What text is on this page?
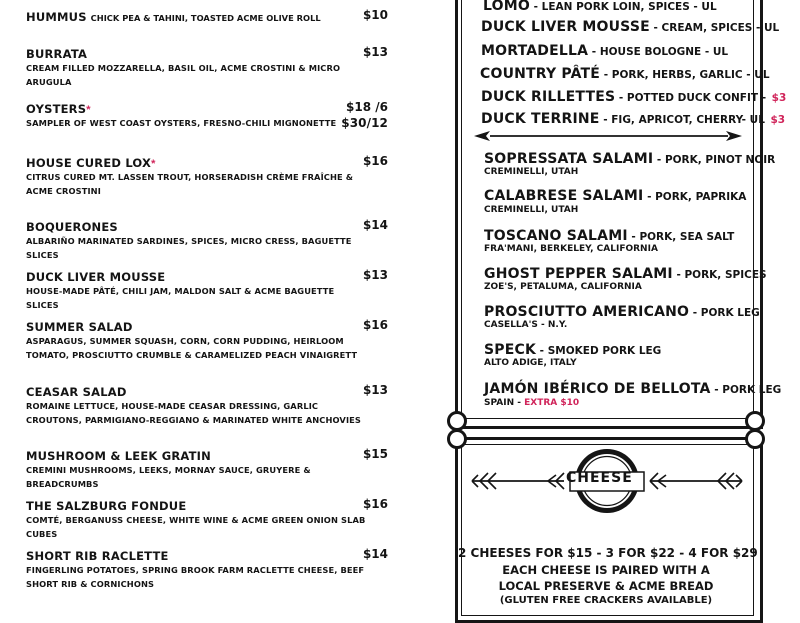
HUMMUS CHICK PEA & TAHINI, TOASTED ACME OLIVE ROLL	$10
BURRATA	$13
CREAM FILLED MOZZARELLA, BASIL OIL, ACME CROSTINI & MICRO ARUGULA
OYSTERS*	$18 /6
SAMPLER OF WEST COAST OYSTERS, FRESNO-CHILI MIGNONETTE $30/12
HOUSE CURED LOX*	$16
CITRUS CURED MT. LASSEN TROUT, HORSERADISH CRÈME FRAÎCHE & ACME CROSTINI
BOQUERONES	$14
ALBARIÑO MARINATED SARDINES, SPICES, MICRO CRESS, BAGUETTE SLICES
DUCK LIVER MOUSSE	$13
HOUSE-MADE PÂTÉ, CHILI JAM, MALDON SALT & ACME BAGUETTE SLICES
SUMMER SALAD	$16
ASPARAGUS, SUMMER SQUASH, CORN, CORN PUDDING, HEIRLOOM TOMATO, PROSCIUTTO CRUMBLE & CARAMELIZED PEACH VINAIGRETT
CEASAR SALAD	$13
ROMAINE LETTUCE, HOUSE-MADE CEASAR DRESSING, GARLIC CROUTONS, PARMIGIANO-REGGIANO & MARINATED WHITE ANCHOVIES
MUSHROOM & LEEK GRATIN	$15
CREMINI MUSHROOMS, LEEKS, MORNAY SAUCE, GRUYERE & BREADCRUMBS
THE SALZBURG FONDUE	$16
COMTÉ, BERGANUSS CHEESE, WHITE WINE & ACME GREEN ONION SLAB CUBES
SHORT RIB RACLETTE	$14
FINGERLING POTATOES, SPRING BROOK FARM RACLETTE CHEESE, BEEF SHORT RIB & CORNICHONS
LOMO - LEAN PORK LOIN, SPICES - UL
DUCK LIVER MOUSSE - CREAM, SPICES - UL
MORTADELLA - HOUSE BOLOGNE - UL
COUNTRY PÂTÉ - PORK, HERBS, GARLIC - UL
DUCK RILLETTES - POTTED DUCK CONFIT - $3
DUCK TERRINE - FIG, APRICOT, CHERRY- UL $3
SOPRESSATA SALAMI - PORK, PINOT NOIR
CREMINELLI, UTAH
CALABRESE SALAMI - PORK, PAPRIKA
CREMINELLI, UTAH
TOSCANO SALAMI - PORK, SEA SALT
FRA'MANI, BERKELEY, CALIFORNIA
GHOST PEPPER SALAMI - PORK, SPICES
ZOE'S, PETALUMA, CALIFORNIA
PROSCIUTTO AMERICANO - PORK LEG
CASELLA'S - N.Y.
SPECK - SMOKED PORK LEG
ALTO ADIGE, ITALY
JAMÓN IBÉRICO DE BELLOTA - PORK LEG
SPAIN - EXTRA $10
CHEESE
2 CHEESES FOR $15 - 3 FOR $22 - 4 FOR $29
EACH CHEESE IS PAIRED WITH A
LOCAL PRESERVE & ACME BREAD
(GLUTEN FREE CRACKERS AVAILABLE)
